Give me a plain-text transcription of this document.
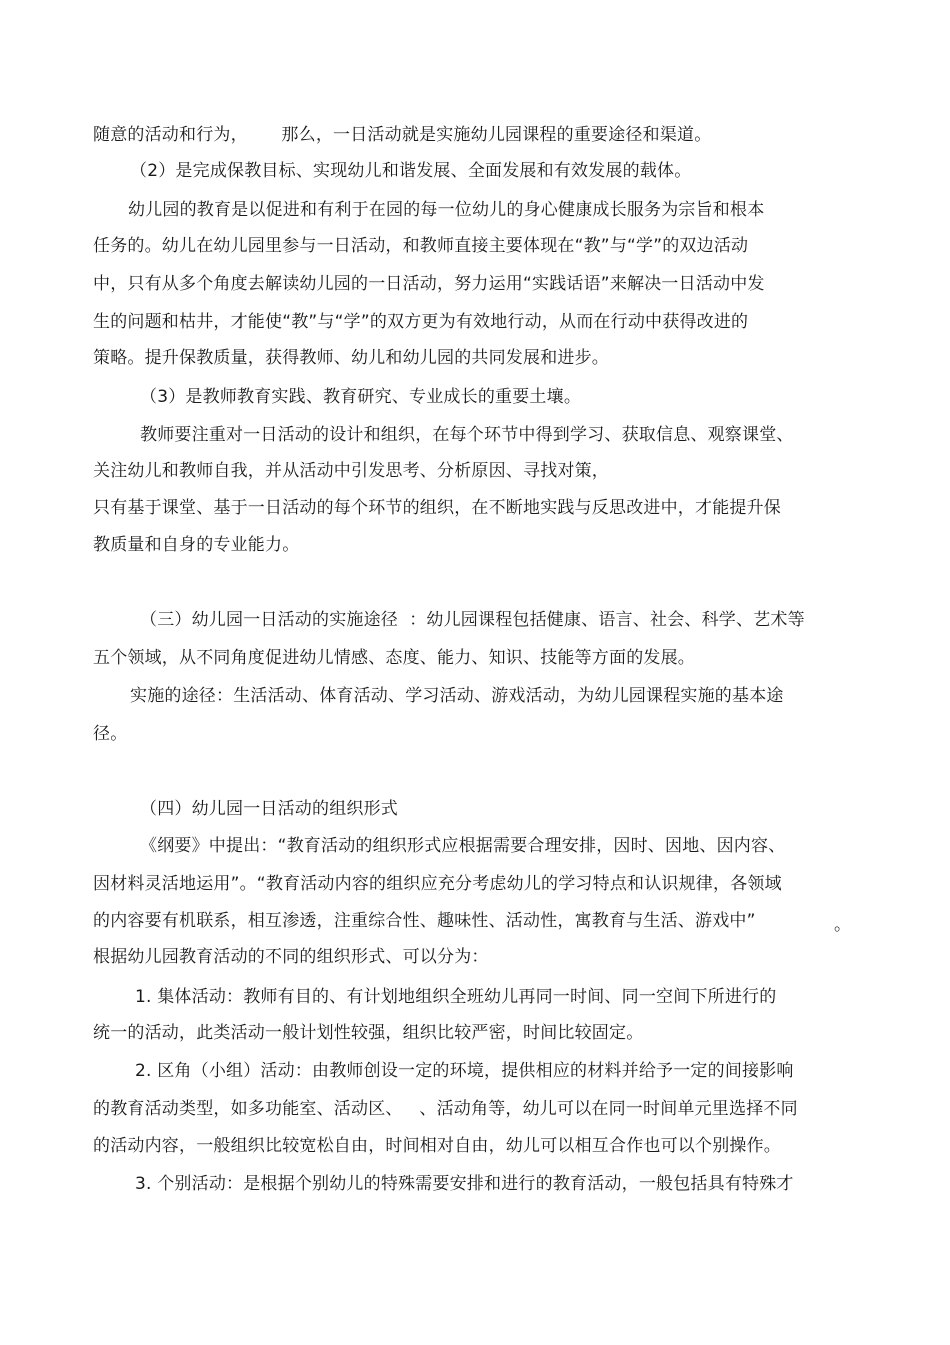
随意的活动和行为，      那么，一日活动就是实施幼儿园课程的重要途径和渠道。
（2）是完成保教目标、实现幼儿和谐发展、全面发展和有效发展的载体。
幼儿园的教育是以促进和有利于在园的每一位幼儿的身心健康成长服务为宗旨和根本
任务的。幼儿在幼儿园里参与一日活动，和教师直接主要体现在“教”与“学”的双边活动
中，只有从多个角度去解读幼儿园的一日活动，努力运用“实践话语”来解决一日活动中发
生的问题和枯井，才能使“教”与“学”的双方更为有效地行动，从而在行动中获得改进的
策略。提升保教质量，获得教师、幼儿和幼儿园的共同发展和进步。
（3）是教师教育实践、教育研究、专业成长的重要土壤。
教师要注重对一日活动的设计和组织，在每个环节中得到学习、获取信息、观察课堂、
关注幼儿和教师自我，并从活动中引发思考、分析原因、寻找对策，
只有基于课堂、基于一日活动的每个环节的组织，在不断地实践与反思改进中，才能提升保
教质量和自身的专业能力。
（三）幼儿园一日活动的实施途径  ：幼儿园课程包括健康、语言、社会、科学、艺术等
五个领域，从不同角度促进幼儿情感、态度、能力、知识、技能等方面的发展。
实施的途径：生活活动、体育活动、学习活动、游戏活动，为幼儿园课程实施的基本途
径。
（四）幼儿园一日活动的组织形式
《纲要》中提出：“教育活动的组织形式应根据需要合理安排，因时、因地、因内容、
因材料灵活地运用”。“教育活动内容的组织应充分考虑幼儿的学习特点和认识规律，各领域
的内容要有机联系，相互渗透，注重综合性、趣味性、活动性，寓教育与生活、游戏中”	。
根据幼儿园教育活动的不同的组织形式、可以分为：
1. 集体活动：教师有目的、有计划地组织全班幼儿再同一时间、同一空间下所进行的
统一的活动，此类活动一般计划性较强，组织比较严密，时间比较固定。
2. 区角（小组）活动：由教师创设一定的环境，提供相应的材料并给予一定的间接影响
的教育活动类型，如多功能室、活动区、   、活动角等，幼儿可以在同一时间单元里选择不同
的活动内容，一般组织比较宽松自由，时间相对自由，幼儿可以相互合作也可以个别操作。
3. 个别活动：是根据个别幼儿的特殊需要安排和进行的教育活动，一般包括具有特殊才
